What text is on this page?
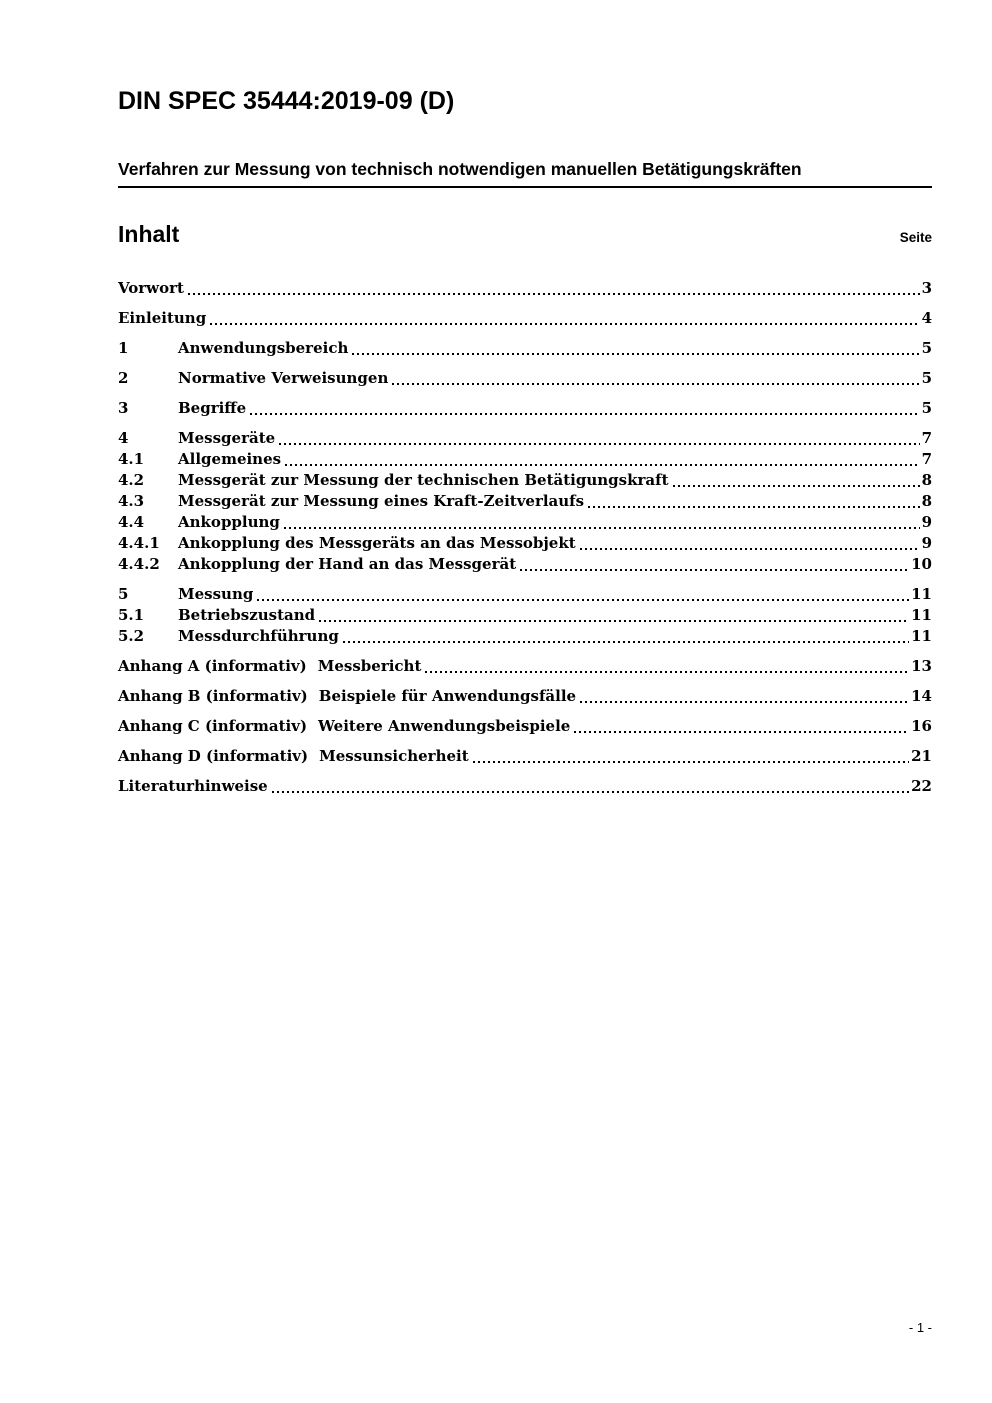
DIN SPEC 35444:2019-09 (D)
Verfahren zur Messung von technisch notwendigen manuellen Betätigungskräften
Inhalt	Seite
Vorwort	3
Einleitung	4
1	Anwendungsbereich	5
2	Normative Verweisungen	5
3	Begriffe	5
4	Messgeräte	7
4.1	Allgemeines	7
4.2	Messgerät zur Messung der technischen Betätigungskraft	8
4.3	Messgerät zur Messung eines Kraft-Zeitverlaufs	8
4.4	Ankopplung	9
4.4.1	Ankopplung des Messgeräts an das Messobjekt	9
4.4.2	Ankopplung der Hand an das Messgerät	10
5	Messung	11
5.1	Betriebszustand	11
5.2	Messdurchführung	11
Anhang A (informativ) Messbericht	13
Anhang B (informativ) Beispiele für Anwendungsfälle	14
Anhang C (informativ) Weitere Anwendungsbeispiele	16
Anhang D (informativ) Messunsicherheit	21
Literaturhinweise	22
- 1 -
